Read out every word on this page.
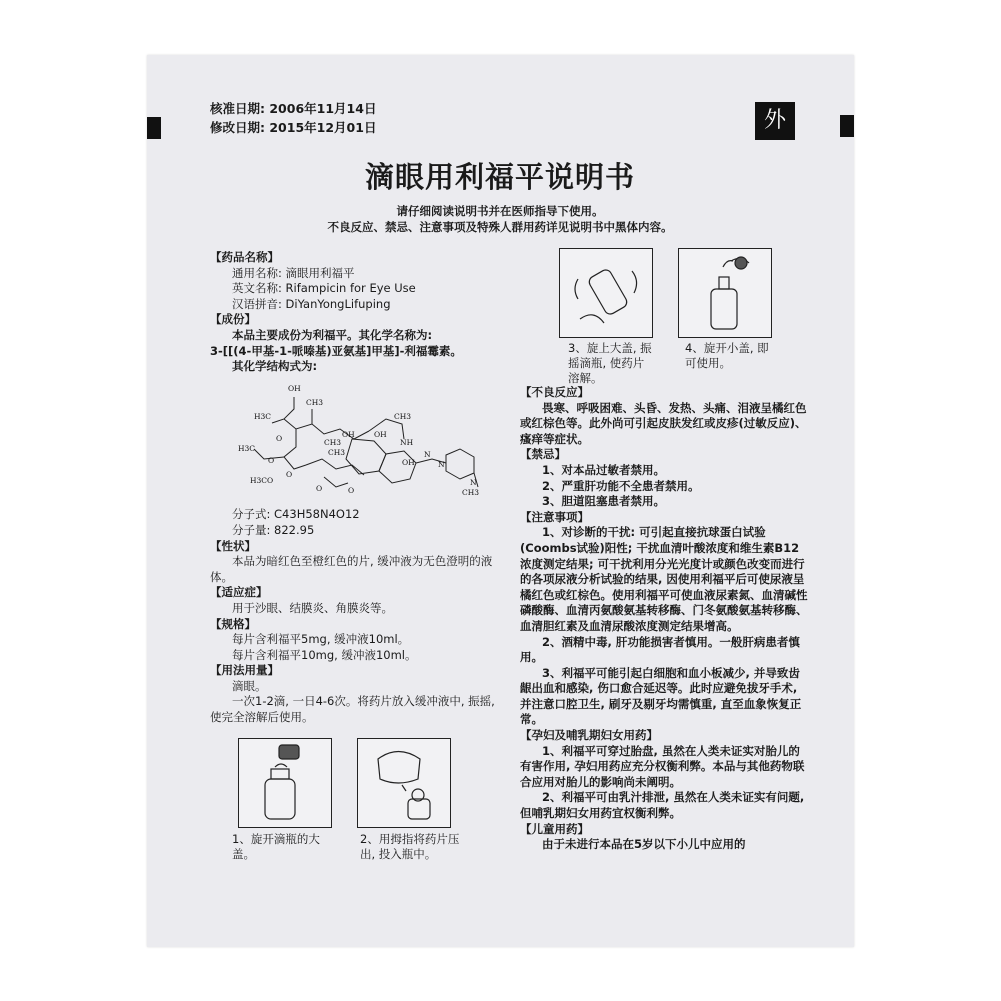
核准日期: 2006年11月14日
修改日期: 2015年12月01日	外
滴眼用利福平说明书
请仔细阅读说明书并在医师指导下使用。
不良反应、禁忌、注意事项及特殊人群用药详见说明书中黑体内容。

【药品名称】

通用名称: 滴眼用利福平

英文名称: Rifampicin for Eye Use

汉语拼音: DiYanYongLifuping

【成份】

本品主要成份为利福平。其化学名称为:

3-[[(4-甲基-1-哌嗪基)亚氨基]甲基]-利福霉素。

其化学结构式为:

OH
H3C
CH3
CH3
CH3
O
H3C
O
O
OH	OH
NH
CH3
OH
H3CO
O	O
N
N
N
CH3

分子式: C43H58N4O12

分子量: 822.95

【性状】

本品为暗红色至橙红色的片, 缓冲液为无色澄明的液体。

【适应症】

用于沙眼、结膜炎、角膜炎等。

【规格】

每片含利福平5mg, 缓冲液10ml。

每片含利福平10mg, 缓冲液10ml。

【用法用量】

滴眼。

一次1-2滴, 一日4-6次。将药片放入缓冲液中, 振摇, 使完全溶解后使用。

1、旋开滴瓶的大盖。
2、用拇指将药片压出, 投入瓶中。
3、旋上大盖, 振摇滴瓶, 使药片溶解。
4、旋开小盖, 即可使用。

【不良反应】

畏寒、呼吸困难、头昏、发热、头痛、泪液呈橘红色或红棕色等。此外尚可引起皮肤发红或皮疹(过敏反应)、瘙痒等症状。

【禁忌】

1、对本品过敏者禁用。

2、严重肝功能不全患者禁用。

3、胆道阻塞患者禁用。

【注意事项】

1、对诊断的干扰: 可引起直接抗球蛋白试验(Coombs试验)阳性; 干扰血清叶酸浓度和维生素B12浓度测定结果; 可干扰利用分光光度计或颜色改变而进行的各项尿液分析试验的结果, 因使用利福平后可使尿液呈橘红色或红棕色。使用利福平可使血液尿素氮、血清碱性磷酸酶、血清丙氨酸氨基转移酶、门冬氨酸氨基转移酶、血清胆红素及血清尿酸浓度测定结果增高。

2、酒精中毒, 肝功能损害者慎用。一般肝病患者慎用。

3、利福平可能引起白细胞和血小板减少, 并导致齿龈出血和感染, 伤口愈合延迟等。此时应避免拔牙手术, 并注意口腔卫生, 刷牙及剔牙均需慎重, 直至血象恢复正常。

【孕妇及哺乳期妇女用药】

1、利福平可穿过胎盘, 虽然在人类未证实对胎儿的有害作用, 孕妇用药应充分权衡利弊。本品与其他药物联合应用对胎儿的影响尚未阐明。

2、利福平可由乳汁排泄, 虽然在人类未证实有问题, 但哺乳期妇女用药宜权衡利弊。

【儿童用药】

由于未进行本品在5岁以下小儿中应用的
